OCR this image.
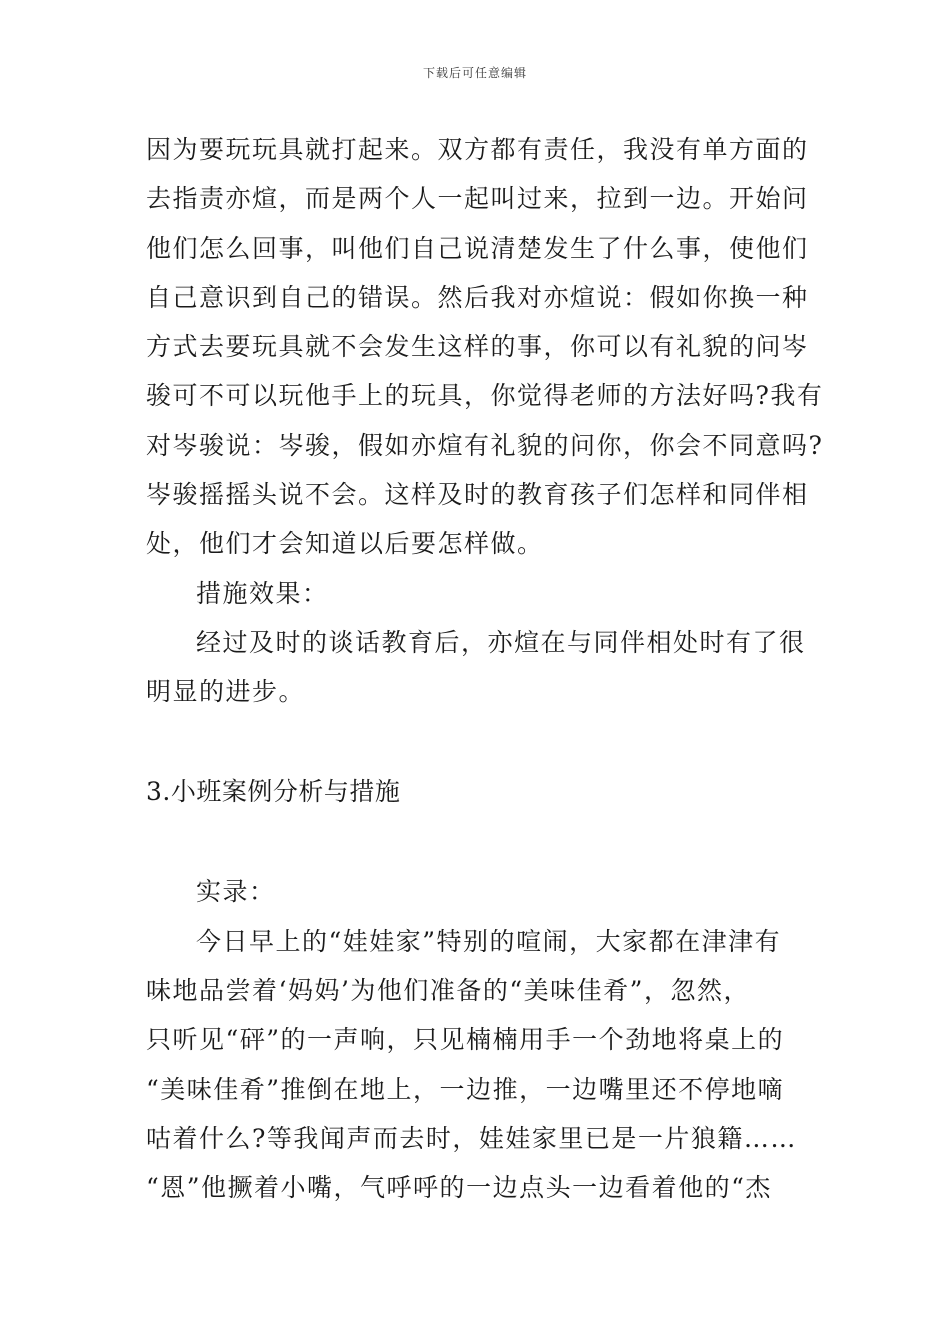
下载后可任意编辑
因为要玩玩具就打起来。双方都有责任，我没有单方面的
去指责亦煊，而是两个人一起叫过来，拉到一边。开始问
他们怎么回事，叫他们自己说清楚发生了什么事，使他们
自己意识到自己的错误。然后我对亦煊说：假如你换一种
方式去要玩具就不会发生这样的事，你可以有礼貌的问岑
骏可不可以玩他手上的玩具，你觉得老师的方法好吗?我有
对岑骏说：岑骏，假如亦煊有礼貌的问你，你会不同意吗?
岑骏摇摇头说不会。这样及时的教育孩子们怎样和同伴相
处，他们才会知道以后要怎样做。
措施效果：
经过及时的谈话教育后，亦煊在与同伴相处时有了很
明显的进步。
3.小班案例分析与措施
实录：
今日早上的“娃娃家”特别的喧闹，大家都在津津有
味地品尝着‘妈妈’为他们准备的“美味佳肴”，忽然，
只听见“砰”的一声响，只见楠楠用手一个劲地将桌上的
“美味佳肴”推倒在地上，一边推，一边嘴里还不停地嘀
咕着什么?等我闻声而去时，娃娃家里已是一片狼籍……
“恩”他撅着小嘴，气呼呼的一边点头一边看着他的“杰
